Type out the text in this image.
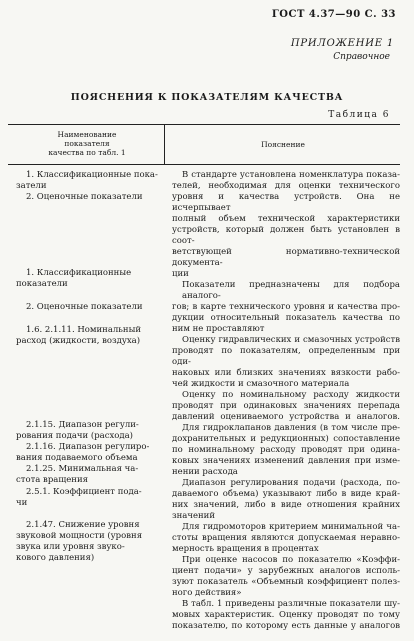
ГОСТ 4.37—90 С. 33
ПРИЛОЖЕНИЕ 1
Справочное
ПОЯСНЕНИЯ К ПОКАЗАТЕЛЯМ КАЧЕСТВА
Таблица 6
Наименование
показателя
качества по табл. 1
Пояснение
1. Классификационные пока-
затели
2. Оценочные показатели
1. Классификационные
показатели
2. Оценочные показатели
1.6. 2.1.11. Номинальный
расход (жидкости, воздуха)
2.1.15. Диапазон регули-
рования подачи (расхода)
2.1.16. Диапазон регулиро-
вания подаваемого объема
2.1.25. Минимальная ча-
стота вращения
2.5.1. Коэффициент пода-
чи
2.1.47. Снижение уровня
звуковой мощности (уровня
звука или уровня звуко-
кового давления)
В стандарте установлена номенклатура показа-
телей, необходимая для оценки технического
уровня и качества устройств. Она не исчерпывает
полный объем технической характеристики
устройств, который должен быть установлен в соот-
ветствующей нормативно-технической документа-
ции
Показатели предназначены для подбора аналого-
гов; в карте технического уровня и качества про-
дукции относительный показатель качества по
ним не проставляют
Оценку гидравлических и смазочных устройств
проводят по показателям, определенным при оди-
наковых или близких значениях вязкости рабо-
чей жидкости и смазочного материала
Оценку по номинальному расходу жидкости
проводят при одинаковых значениях перепада
давлений оцениваемого устройства и аналогов.
Для гидроклапанов давления (в том числе пре-
дохранительных и редукционных) сопоставление
по номинальному расходу проводят при одина-
ковых значениях изменений давления при изме-
нении расхода
Диапазон регулирования подачи (расхода, по-
даваемого объема) указывают либо в виде край-
них значений, либо в виде отношения крайних
значений
Для гидромоторов критерием минимальной ча-
стоты вращения являются допускаемая неравно-
мерность вращения в процентах
При оценке насосов по показателю «Коэффи-
циент подачи» у зарубежных аналогов исполь-
зуют показатель «Объемный коэффициент полез-
ного действия»
В табл. 1 приведены различные показатели шу-
мовых характеристик. Оценку проводят по тому
показателю, по которому есть данные у аналогов
